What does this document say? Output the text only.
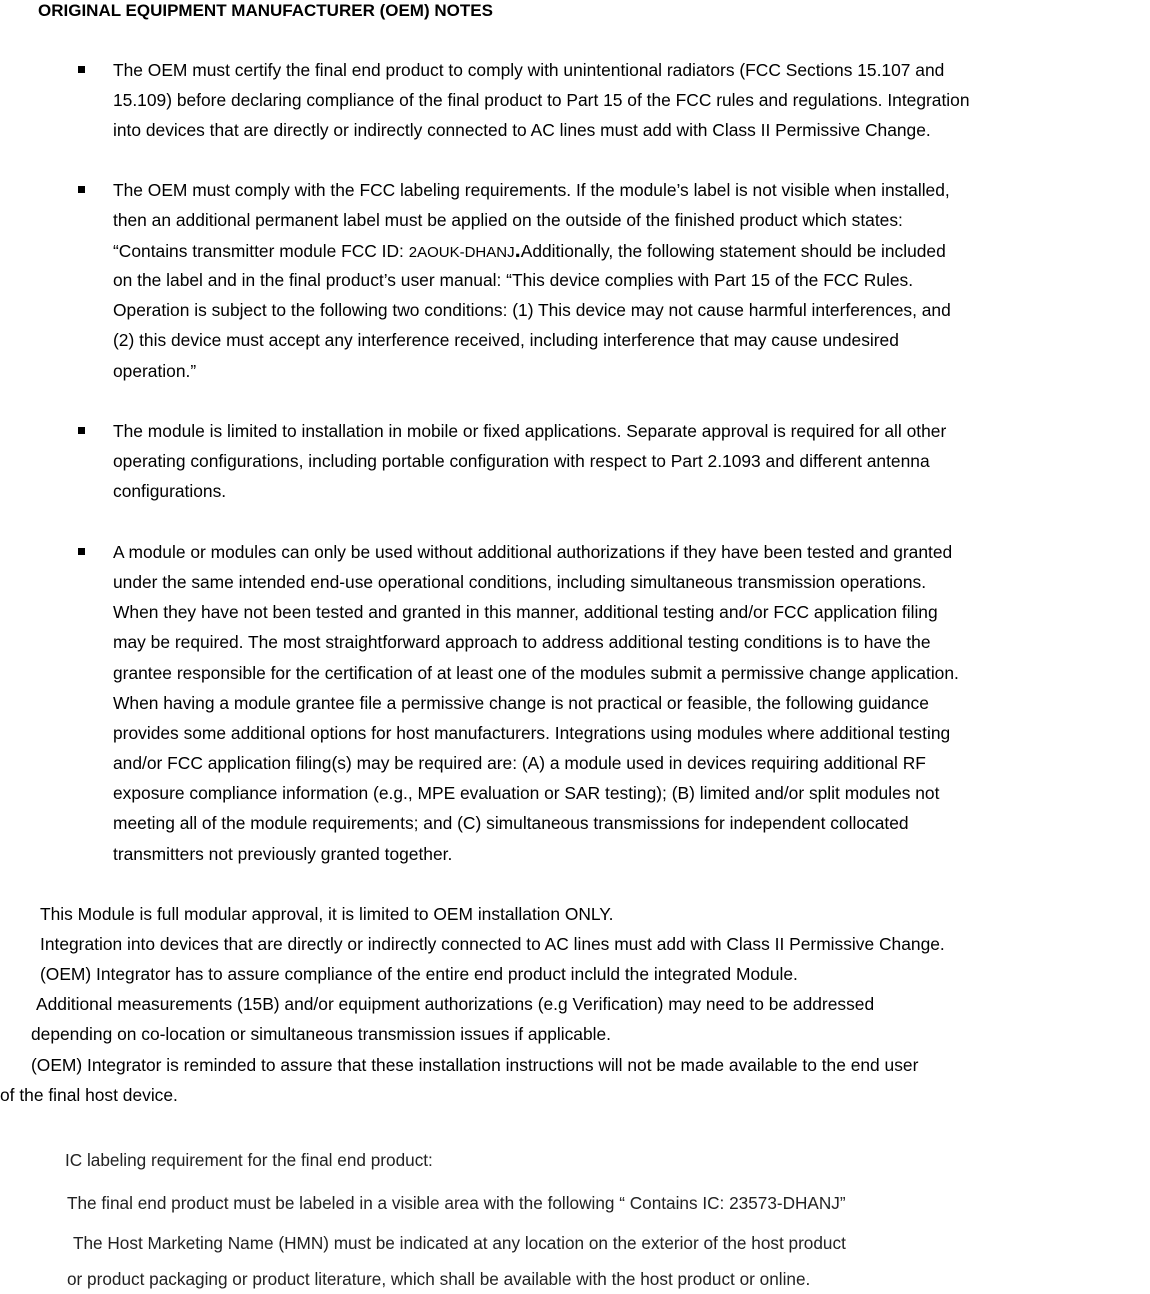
ORIGINAL EQUIPMENT MANUFACTURER (OEM) NOTES
The OEM must certify the final end product to comply with unintentional radiators (FCC Sections 15.107 and
15.109) before declaring compliance of the final product to Part 15 of the FCC rules and regulations. Integration
into devices that are directly or indirectly connected to AC lines must add with Class II Permissive Change.
The OEM must comply with the FCC labeling requirements. If the module’s label is not visible when installed,
then an additional permanent label must be applied on the outside of the finished product which states:
“Contains transmitter module FCC ID: 2AOUK-DHANJ.Additionally, the following statement should be included
on the label and in the final product’s user manual: “This device complies with Part 15 of the FCC Rules.
Operation is subject to the following two conditions: (1) This device may not cause harmful interferences, and
(2) this device must accept any interference received, including interference that may cause undesired
operation.”
The module is limited to installation in mobile or fixed applications. Separate approval is required for all other
operating configurations, including portable configuration with respect to Part 2.1093 and different antenna
configurations.
A module or modules can only be used without additional authorizations if they have been tested and granted
under the same intended end-use operational conditions, including simultaneous transmission operations.
When they have not been tested and granted in this manner, additional testing and/or FCC application filing
may be required. The most straightforward approach to address additional testing conditions is to have the
grantee responsible for the certification of at least one of the modules submit a permissive change application.
When having a module grantee file a permissive change is not practical or feasible, the following guidance
provides some additional options for host manufacturers. Integrations using modules where additional testing
and/or FCC application filing(s) may be required are: (A) a module used in devices requiring additional RF
exposure compliance information (e.g., MPE evaluation or SAR testing); (B) limited and/or split modules not
meeting all of the module requirements; and (C) simultaneous transmissions for independent collocated
transmitters not previously granted together.
This Module is full modular approval, it is limited to OEM installation ONLY.
Integration into devices that are directly or indirectly connected to AC lines must add with Class II Permissive Change.
(OEM) Integrator has to assure compliance of the entire end product incluld the integrated Module.
Additional measurements (15B) and/or equipment authorizations (e.g Verification) may need to be addressed
depending on co-location or simultaneous transmission issues if applicable.
(OEM) Integrator is reminded to assure that these installation instructions will not be made available to the end user
of the final host device.
IC labeling requirement for the final end product:
The final end product must be labeled in a visible area with the following “ Contains IC: 23573-DHANJ”
The Host Marketing Name (HMN) must be indicated at any location on the exterior of the host product
or product packaging or product literature, which shall be available with the host product or online.
